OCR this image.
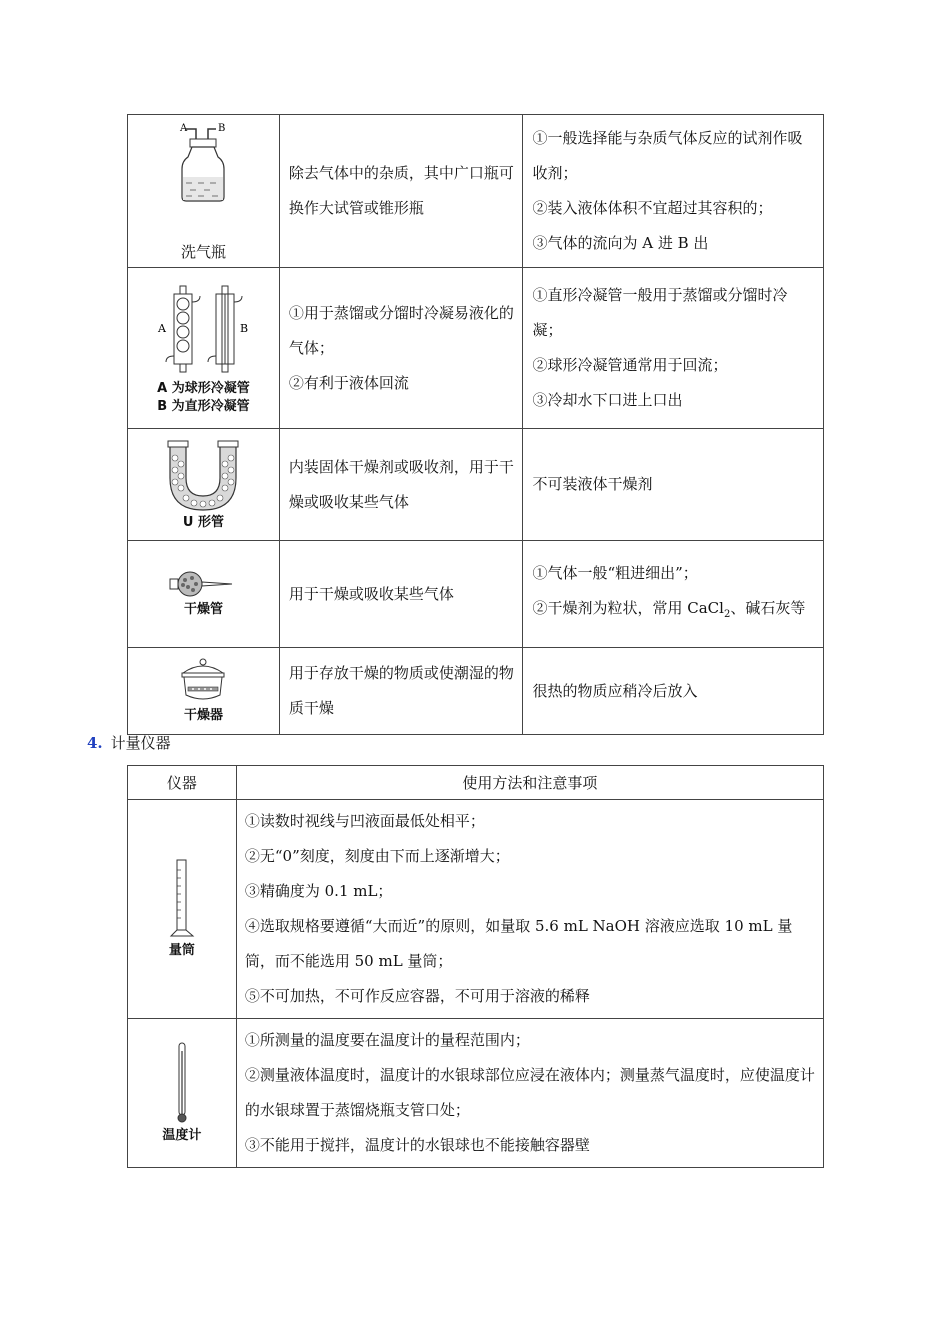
A B
洗气瓶	除去气体中的杂质，其中广口瓶可换作大试管或锥形瓶	①一般选择能与杂质气体反应的试剂作吸收剂；
②装入液体体积不宜超过其容积的；
③气体的流向为 A 进 B 出

A B
A 为球形冷凝管
B 为直形冷凝管	①用于蒸馏或分馏时冷凝易液化的气体；
②有利于液体回流	①直形冷凝管一般用于蒸馏或分馏时冷凝；
②球形冷凝管通常用于回流；
③冷却水下口进上口出

U 形管	内装固体干燥剂或吸收剂，用于干燥或吸收某些气体	不可装液体干燥剂

干燥管	用于干燥或吸收某些气体	①气体一般“粗进细出”；
②干燥剂为粒状，常用 CaCl$_2$、碱石灰等

干燥器	用于存放干燥的物质或使潮湿的物质干燥	很热的物质应稍冷后放入
4. 计量仪器
仪器	使用方法和注意事项

量筒	①读数时视线与凹液面最低处相平；
②无“0”刻度，刻度由下而上逐渐增大；
③精确度为 0.1 mL；
④选取规格要遵循“大而近”的原则，如量取 5.6 mL NaOH 溶液应选取 10 mL 量筒，而不能选用 50 mL 量筒；
⑤不可加热，不可作反应容器，不可用于溶液的稀释

温度计	①所测量的温度要在温度计的量程范围内；
②测量液体温度时，温度计的水银球部位应浸在液体内；测量蒸气温度时，应使温度计的水银球置于蒸馏烧瓶支管口处；
③不能用于搅拌，温度计的水银球也不能接触容器壁
